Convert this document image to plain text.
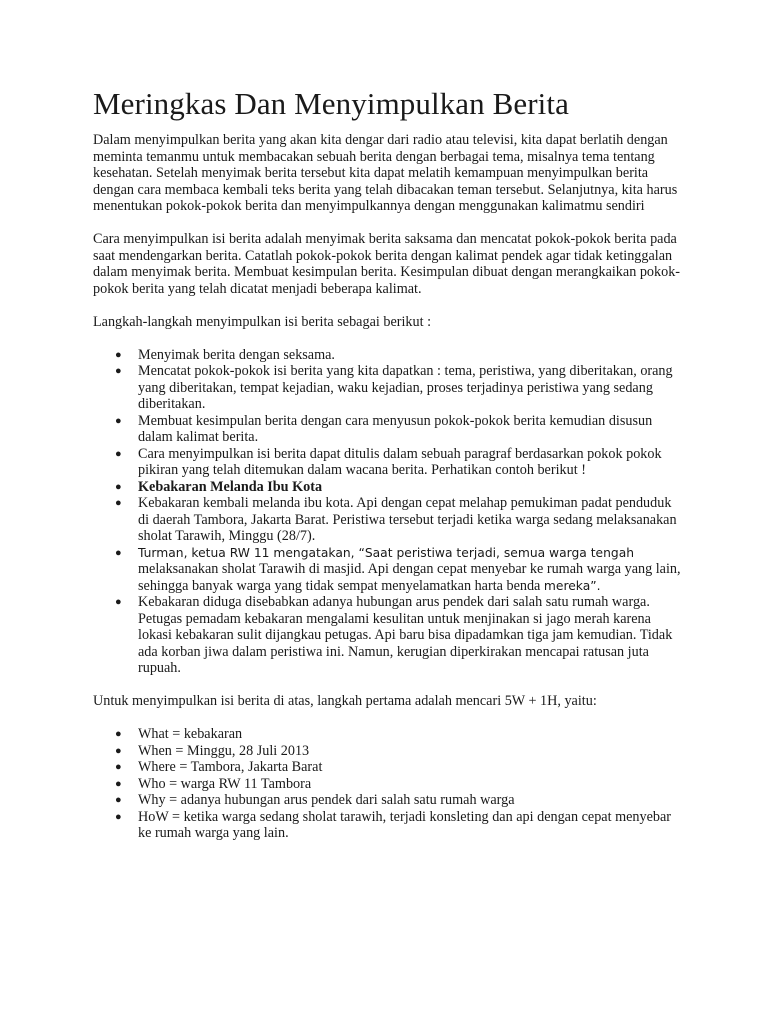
Meringkas Dan Menyimpulkan Berita

Dalam menyimpulkan berita yang akan kita dengar dari radio atau televisi, kita dapat berlatih dengan meminta temanmu untuk membacakan sebuah berita dengan berbagai tema, misalnya tema tentang kesehatan. Setelah menyimak berita tersebut kita dapat melatih kemampuan menyimpulkan berita dengan cara membaca kembali teks berita yang telah dibacakan teman tersebut. Selanjutnya, kita harus menentukan pokok-pokok berita dan menyimpulkannya dengan menggunakan kalimatmu sendiri

Cara menyimpulkan isi berita adalah menyimak berita saksama dan mencatat pokok-pokok berita pada saat mendengarkan berita. Catatlah pokok-pokok berita dengan kalimat pendek agar tidak ketinggalan dalam menyimak berita. Membuat kesimpulan berita. Kesimpulan dibuat dengan merangkaikan pokok-pokok berita yang telah dicatat menjadi beberapa kalimat.

Langkah-langkah menyimpulkan isi berita sebagai berikut :

● Menyimak berita dengan seksama.
● Mencatat pokok-pokok isi berita yang kita dapatkan : tema, peristiwa, yang diberitakan, orang yang diberitakan, tempat kejadian, waku kejadian, proses terjadinya peristiwa yang sedang diberitakan.
● Membuat kesimpulan berita dengan cara menyusun pokok-pokok berita kemudian disusun dalam kalimat berita.
● Cara menyimpulkan isi berita dapat ditulis dalam sebuah paragraf berdasarkan pokok pokok pikiran yang telah ditemukan dalam wacana berita. Perhatikan contoh berikut !
● Kebakaran Melanda Ibu Kota
● Kebakaran kembali melanda ibu kota. Api dengan cepat melahap pemukiman padat penduduk di daerah Tambora, Jakarta Barat. Peristiwa tersebut terjadi ketika warga sedang melaksanakan sholat Tarawih, Minggu (28/7).
● Turman, ketua RW 11 mengatakan, “Saat peristiwa terjadi, semua warga tengah melaksanakan sholat Tarawih di masjid. Api dengan cepat menyebar ke rumah warga yang lain, sehingga banyak warga yang tidak sempat menyelamatkan harta benda mereka”.
● Kebakaran diduga disebabkan adanya hubungan arus pendek dari salah satu rumah warga. Petugas pemadam kebakaran mengalami kesulitan untuk menjinakan si jago merah karena lokasi kebakaran sulit dijangkau petugas. Api baru bisa dipadamkan tiga jam kemudian. Tidak ada korban jiwa dalam peristiwa ini. Namun, kerugian diperkirakan mencapai ratusan juta rupuah.

Untuk menyimpulkan isi berita di atas, langkah pertama adalah mencari 5W + 1H, yaitu:

● What = kebakaran
● When = Minggu, 28 Juli 2013
● Where = Tambora, Jakarta Barat
● Who = warga RW 11 Tambora
● Why = adanya hubungan arus pendek dari salah satu rumah warga
● HoW = ketika warga sedang sholat tarawih, terjadi konsleting dan api dengan cepat menyebar ke rumah warga yang lain.
